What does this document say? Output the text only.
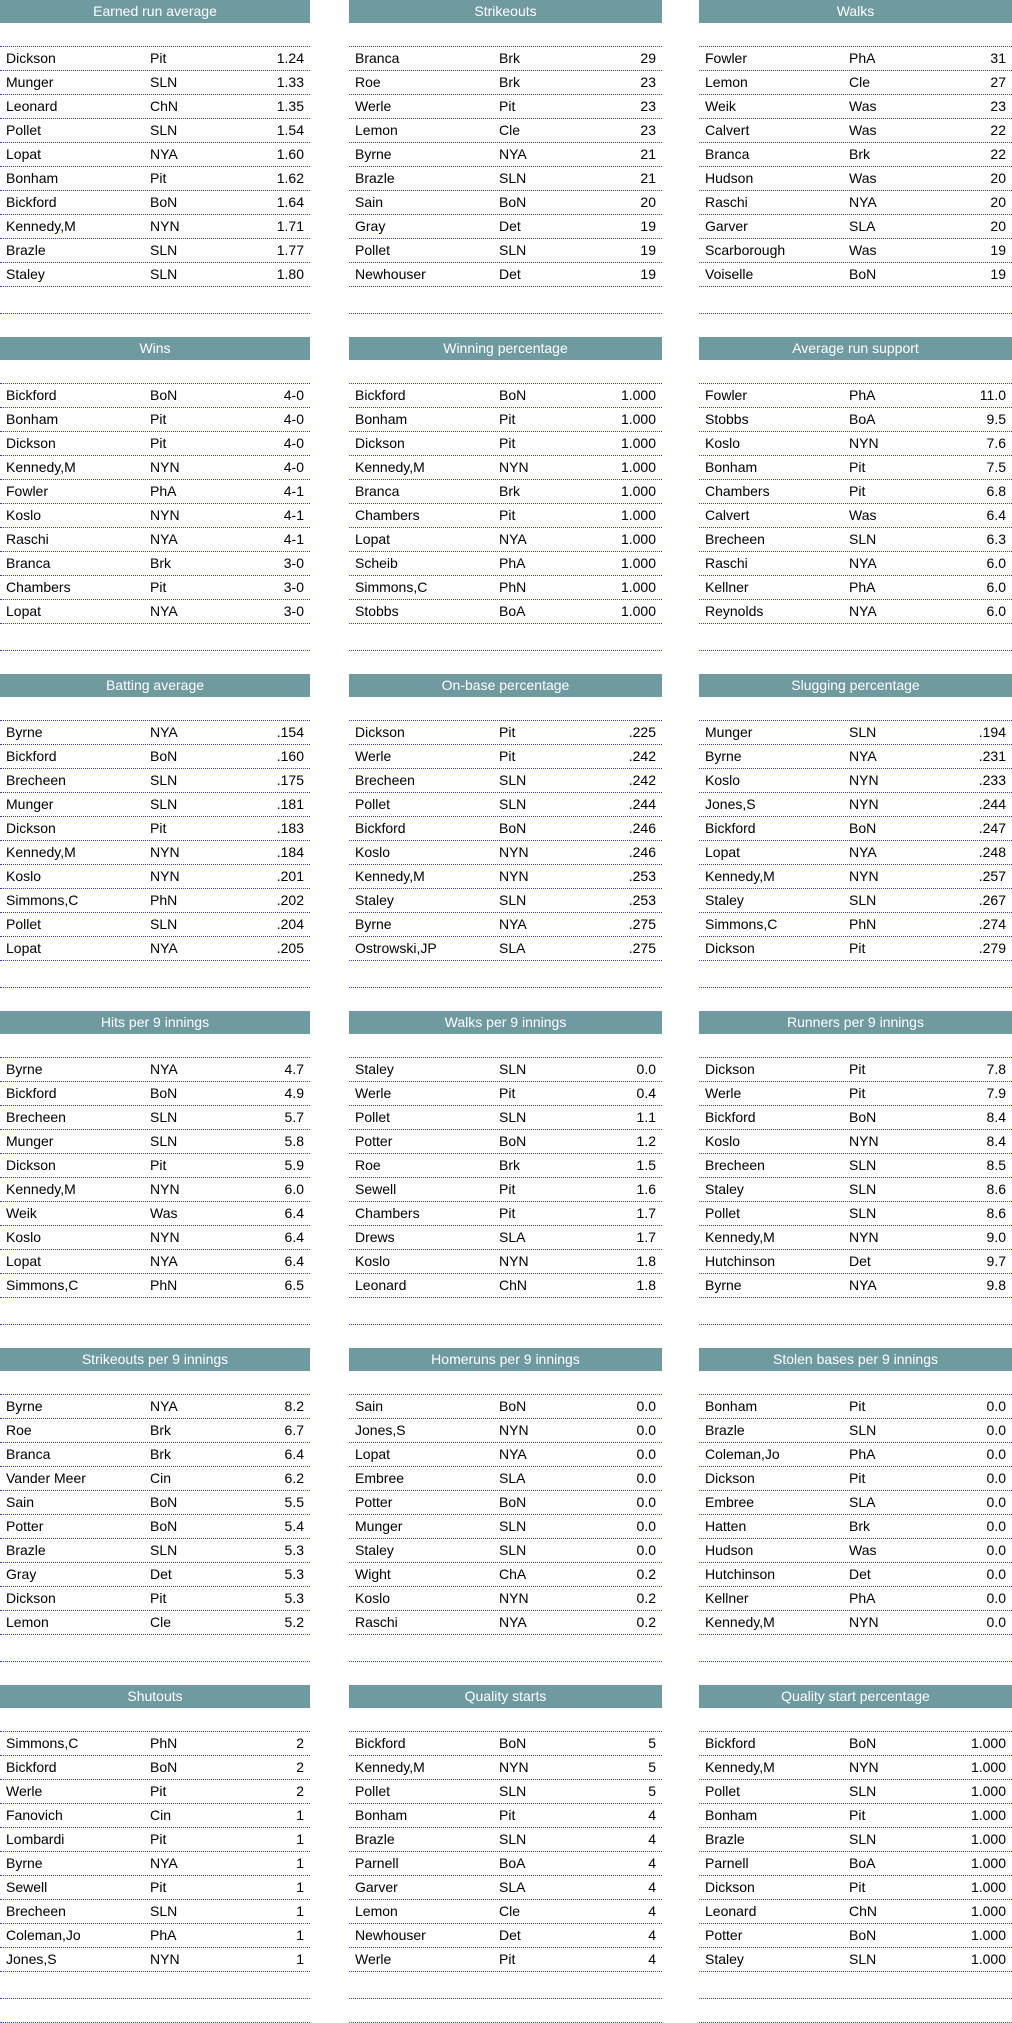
Earned run average
Dickson	Pit	1.24
Munger	SLN	1.33
Leonard	ChN	1.35
Pollet	SLN	1.54
Lopat	NYA	1.60
Bonham	Pit	1.62
Bickford	BoN	1.64
Kennedy,M	NYN	1.71
Brazle	SLN	1.77
Staley	SLN	1.80
Strikeouts
Branca	Brk	29
Roe	Brk	23
Werle	Pit	23
Lemon	Cle	23
Byrne	NYA	21
Brazle	SLN	21
Sain	BoN	20
Gray	Det	19
Pollet	SLN	19
Newhouser	Det	19
Walks
Fowler	PhA	31
Lemon	Cle	27
Weik	Was	23
Calvert	Was	22
Branca	Brk	22
Hudson	Was	20
Raschi	NYA	20
Garver	SLA	20
Scarborough	Was	19
Voiselle	BoN	19
Wins
Bickford	BoN	4-0
Bonham	Pit	4-0
Dickson	Pit	4-0
Kennedy,M	NYN	4-0
Fowler	PhA	4-1
Koslo	NYN	4-1
Raschi	NYA	4-1
Branca	Brk	3-0
Chambers	Pit	3-0
Lopat	NYA	3-0
Winning percentage
Bickford	BoN	1.000
Bonham	Pit	1.000
Dickson	Pit	1.000
Kennedy,M	NYN	1.000
Branca	Brk	1.000
Chambers	Pit	1.000
Lopat	NYA	1.000
Scheib	PhA	1.000
Simmons,C	PhN	1.000
Stobbs	BoA	1.000
Average run support
Fowler	PhA	11.0
Stobbs	BoA	9.5
Koslo	NYN	7.6
Bonham	Pit	7.5
Chambers	Pit	6.8
Calvert	Was	6.4
Brecheen	SLN	6.3
Raschi	NYA	6.0
Kellner	PhA	6.0
Reynolds	NYA	6.0
Batting average
Byrne	NYA	.154
Bickford	BoN	.160
Brecheen	SLN	.175
Munger	SLN	.181
Dickson	Pit	.183
Kennedy,M	NYN	.184
Koslo	NYN	.201
Simmons,C	PhN	.202
Pollet	SLN	.204
Lopat	NYA	.205
On-base percentage
Dickson	Pit	.225
Werle	Pit	.242
Brecheen	SLN	.242
Pollet	SLN	.244
Bickford	BoN	.246
Koslo	NYN	.246
Kennedy,M	NYN	.253
Staley	SLN	.253
Byrne	NYA	.275
Ostrowski,JP	SLA	.275
Slugging percentage
Munger	SLN	.194
Byrne	NYA	.231
Koslo	NYN	.233
Jones,S	NYN	.244
Bickford	BoN	.247
Lopat	NYA	.248
Kennedy,M	NYN	.257
Staley	SLN	.267
Simmons,C	PhN	.274
Dickson	Pit	.279
Hits per 9 innings
Byrne	NYA	4.7
Bickford	BoN	4.9
Brecheen	SLN	5.7
Munger	SLN	5.8
Dickson	Pit	5.9
Kennedy,M	NYN	6.0
Weik	Was	6.4
Koslo	NYN	6.4
Lopat	NYA	6.4
Simmons,C	PhN	6.5
Walks per 9 innings
Staley	SLN	0.0
Werle	Pit	0.4
Pollet	SLN	1.1
Potter	BoN	1.2
Roe	Brk	1.5
Sewell	Pit	1.6
Chambers	Pit	1.7
Drews	SLA	1.7
Koslo	NYN	1.8
Leonard	ChN	1.8
Runners per 9 innings
Dickson	Pit	7.8
Werle	Pit	7.9
Bickford	BoN	8.4
Koslo	NYN	8.4
Brecheen	SLN	8.5
Staley	SLN	8.6
Pollet	SLN	8.6
Kennedy,M	NYN	9.0
Hutchinson	Det	9.7
Byrne	NYA	9.8
Strikeouts per 9 innings
Byrne	NYA	8.2
Roe	Brk	6.7
Branca	Brk	6.4
Vander Meer	Cin	6.2
Sain	BoN	5.5
Potter	BoN	5.4
Brazle	SLN	5.3
Gray	Det	5.3
Dickson	Pit	5.3
Lemon	Cle	5.2
Homeruns per 9 innings
Sain	BoN	0.0
Jones,S	NYN	0.0
Lopat	NYA	0.0
Embree	SLA	0.0
Potter	BoN	0.0
Munger	SLN	0.0
Staley	SLN	0.0
Wight	ChA	0.2
Koslo	NYN	0.2
Raschi	NYA	0.2
Stolen bases per 9 innings
Bonham	Pit	0.0
Brazle	SLN	0.0
Coleman,Jo	PhA	0.0
Dickson	Pit	0.0
Embree	SLA	0.0
Hatten	Brk	0.0
Hudson	Was	0.0
Hutchinson	Det	0.0
Kellner	PhA	0.0
Kennedy,M	NYN	0.0
Shutouts
Simmons,C	PhN	2
Bickford	BoN	2
Werle	Pit	2
Fanovich	Cin	1
Lombardi	Pit	1
Byrne	NYA	1
Sewell	Pit	1
Brecheen	SLN	1
Coleman,Jo	PhA	1
Jones,S	NYN	1
Quality starts
Bickford	BoN	5
Kennedy,M	NYN	5
Pollet	SLN	5
Bonham	Pit	4
Brazle	SLN	4
Parnell	BoA	4
Garver	SLA	4
Lemon	Cle	4
Newhouser	Det	4
Werle	Pit	4
Quality start percentage
Bickford	BoN	1.000
Kennedy,M	NYN	1.000
Pollet	SLN	1.000
Bonham	Pit	1.000
Brazle	SLN	1.000
Parnell	BoA	1.000
Dickson	Pit	1.000
Leonard	ChN	1.000
Potter	BoN	1.000
Staley	SLN	1.000
